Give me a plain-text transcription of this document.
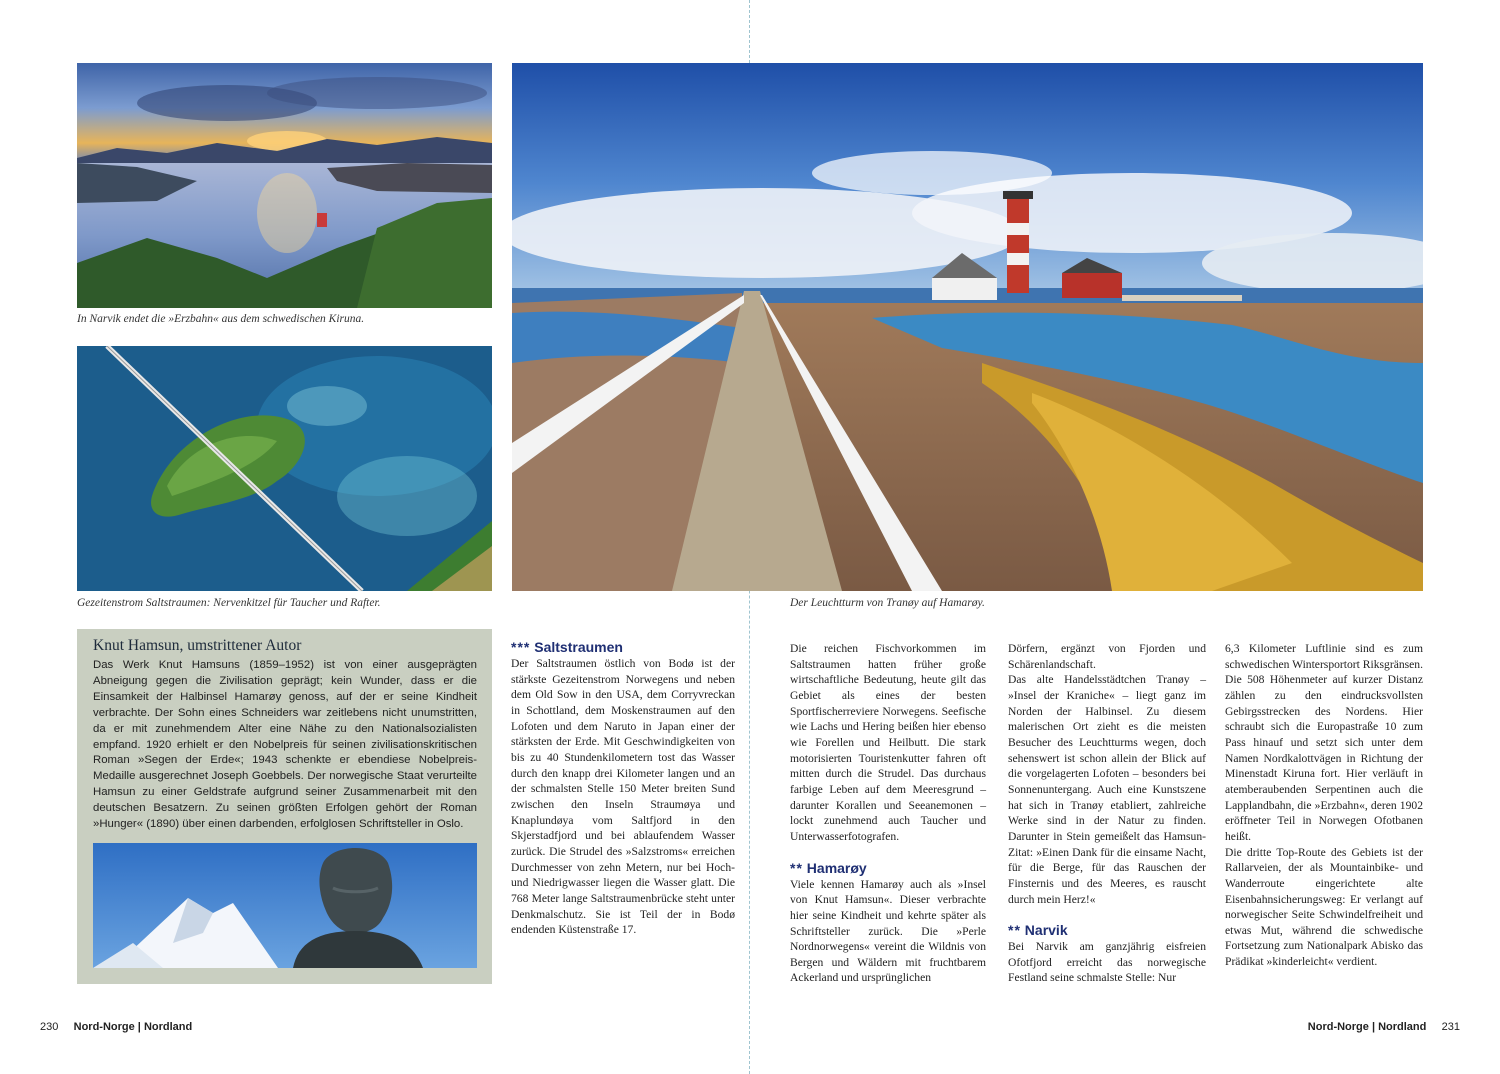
In Narvik endet die »Erzbahn« aus dem schwedischen Kiruna.
Gezeitenstrom Saltstraumen: Nervenkitzel für Taucher und Rafter.	Der Leuchtturm von Tranøy auf Hamarøy.
Knut Hamsun, umstrittener Autor

Das Werk Knut Hamsuns (1859–1952) ist von einer ausgeprägten Abneigung gegen die Zivilisation geprägt; kein Wunder, dass er die Einsamkeit der Halbinsel Hamarøy genoss, auf der er seine Kindheit verbrachte. Der Sohn eines Schneiders war zeitlebens nicht unumstritten, da er mit zunehmendem Alter eine Nähe zu den Nationalsozialisten empfand. 1920 erhielt er den Nobelpreis für seinen zivilisationskritischen Roman »Segen der Erde«; 1943 schenkte er ebendiese Nobelpreis-Medaille ausgerechnet Joseph Goebbels. Der norwegische Staat verurteilte Hamsun zu einer Geldstrafe aufgrund seiner Zusammenarbeit mit den deutschen Besatzern. Zu seinen größten Erfolgen gehört der Roman »Hunger« (1890) über einen darbenden, erfolglosen Schriftsteller in Oslo.

*** Saltstraumen

Der Saltstraumen östlich von Bodø ist der stärkste Gezeitenstrom Norwegens und neben dem Old Sow in den USA, dem Corryvreckan in Schottland, dem Moskenstraumen auf den Lofoten und dem Naruto in Japan einer der stärksten der Erde. Mit Geschwindigkeiten von bis zu 40 Stundenkilometern tost das Wasser durch den knapp drei Kilometer langen und an der schmalsten Stelle 150 Meter breiten Sund zwischen den Inseln Straumøya und Knaplundøya vom Saltfjord in den Skjerstadfjord und bei ablaufendem Wasser zurück. Die Strudel des »Salzstroms« erreichen Durchmesser von zehn Metern, nur bei Hoch- und Niedrigwasser liegen die Wasser glatt. Die 768 Meter lange Saltstraumenbrücke steht unter Denkmalschutz. Sie ist Teil der in Bodø endenden Küstenstraße 17.

Die reichen Fischvorkommen im Saltstraumen hatten früher große wirtschaftliche Bedeutung, heute gilt das Gebiet als eines der besten Sportfischerreviere Norwegens. Seefische wie Lachs und Hering beißen hier ebenso wie Forellen und Heilbutt. Die stark motorisierten Touristenkutter fahren oft mitten durch die Strudel. Das durchaus farbige Leben auf dem Meeresgrund – darunter Korallen und Seeanemonen – lockt zunehmend auch Taucher und Unterwasserfotografen.

** Hamarøy

Viele kennen Hamarøy auch als »Insel von Knut Hamsun«. Dieser verbrachte hier seine Kindheit und kehrte später als Schriftsteller zurück. Die »Perle Nordnorwegens« vereint die Wildnis von Bergen und Wäldern mit fruchtbarem Ackerland und ursprünglichen

Dörfern, ergänzt von Fjorden und Schärenlandschaft.

Das alte Handelsstädtchen Tranøy – »Insel der Kraniche« – liegt ganz im Norden der Halbinsel. Zu diesem malerischen Ort zieht es die meisten Besucher des Leuchtturms wegen, doch sehenswert ist schon allein der Blick auf die vorgelagerten Lofoten – besonders bei Sonnenuntergang. Auch eine Kunstszene hat sich in Tranøy etabliert, zahlreiche Werke sind in der Natur zu finden. Darunter in Stein gemeißelt das Hamsun-Zitat: »Einen Dank für die einsame Nacht, für die Berge, für das Rauschen der Finsternis und des Meeres, es rauscht durch mein Herz!«

** Narvik

Bei Narvik am ganzjährig eisfreien Ofotfjord erreicht das norwegische Festland seine schmalste Stelle: Nur

6,3 Kilometer Luftlinie sind es zum schwedischen Wintersportort Riksgränsen. Die 508 Höhenmeter auf kurzer Distanz zählen zu den eindrucksvollsten Gebirgsstrecken des Nordens. Hier schraubt sich die Europastraße 10 zum Pass hinauf und setzt sich unter dem Namen Nordkalottvägen in Richtung der Minenstadt Kiruna fort. Hier verläuft in atemberaubenden Serpentinen auch die Lapplandbahn, die »Erzbahn«, deren 1902 eröffneter Teil in Norwegen Ofotbanen heißt.

Die dritte Top-Route des Gebiets ist der Rallarveien, der als Mountainbike- und Wanderroute eingerichtete alte Eisenbahnsicherungsweg: Er verlangt auf norwegischer Seite Schwindelfreiheit und etwas Mut, während die schwedische Fortsetzung zum Nationalpark Abisko das Prädikat »kinderleicht« verdient.

230 Nord-Norge | Nordland	Nord-Norge | Nordland 231
